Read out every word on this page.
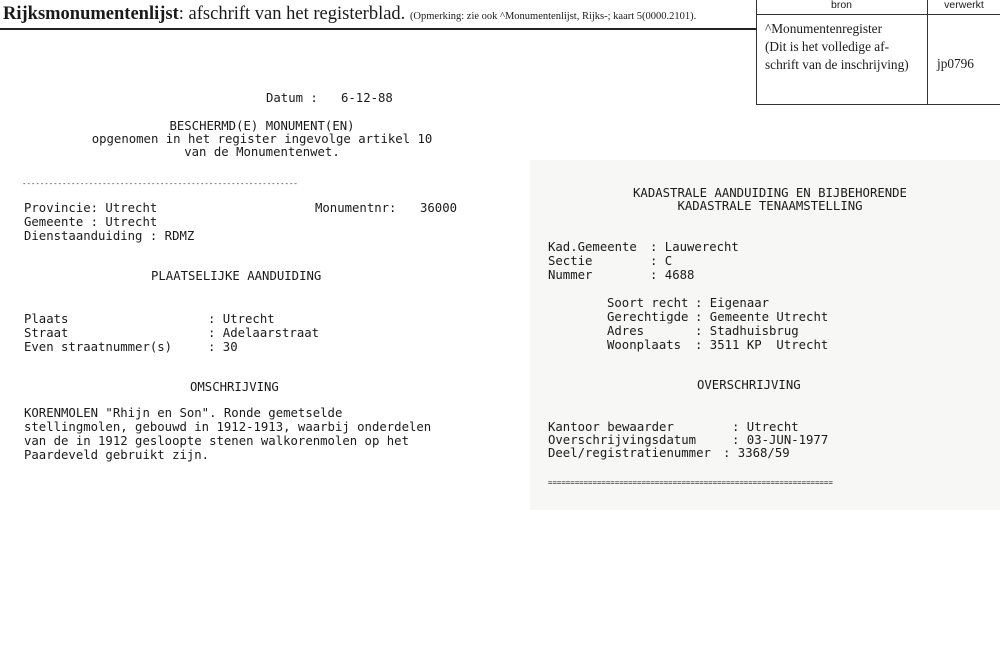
Rijksmonumentenlijst: afschrift van het registerblad. (Opmerking: zie ook ^Monumentenlijst, Rijks-; kaart 5(0000.2101).
bron	verwerkt
^Monumentenregister
(Dit is het volledige af-
schrift van de inschrijving) jp0796
Datum : 6-12-88
BESCHERMD(E) MONUMENT(EN)
opgenomen in het register ingevolge artikel 10
van de Monumentenwet.
--------------------------------------------------------------
Provincie: Utrecht	Monumentnr: 36000
Gemeente : Utrecht
Dienstaanduiding : RDMZ
PLAATSELIJKE AANDUIDING
Plaats	: Utrecht
Straat	: Adelaarstraat
Even straatnummer(s)	: 30
OMSCHRIJVING
KORENMOLEN "Rhijn en Son". Ronde gemetselde
stellingmolen, gebouwd in 1912-1913, waarbij onderdelen
van de in 1912 gesloopte stenen walkorenmolen op het
Paardeveld gebruikt zijn.
KADASTRALE AANDUIDING EN BIJBEHORENDE
KADASTRALE TENAAMSTELLING
Kad.Gemeente : Lauwerecht
Sectie	: C
Nummer	: 4688
Soort recht : Eigenaar
Gerechtigde : Gemeente Utrecht
Adres	: Stadhuisbrug
Woonplaats : 3511 KP  Utrecht
OVERSCHRIJVING
Kantoor bewaarder	: Utrecht
Overschrijvingsdatum	: 03-JUN-1977
Deel/registratienummer : 3368/59
================================================================
